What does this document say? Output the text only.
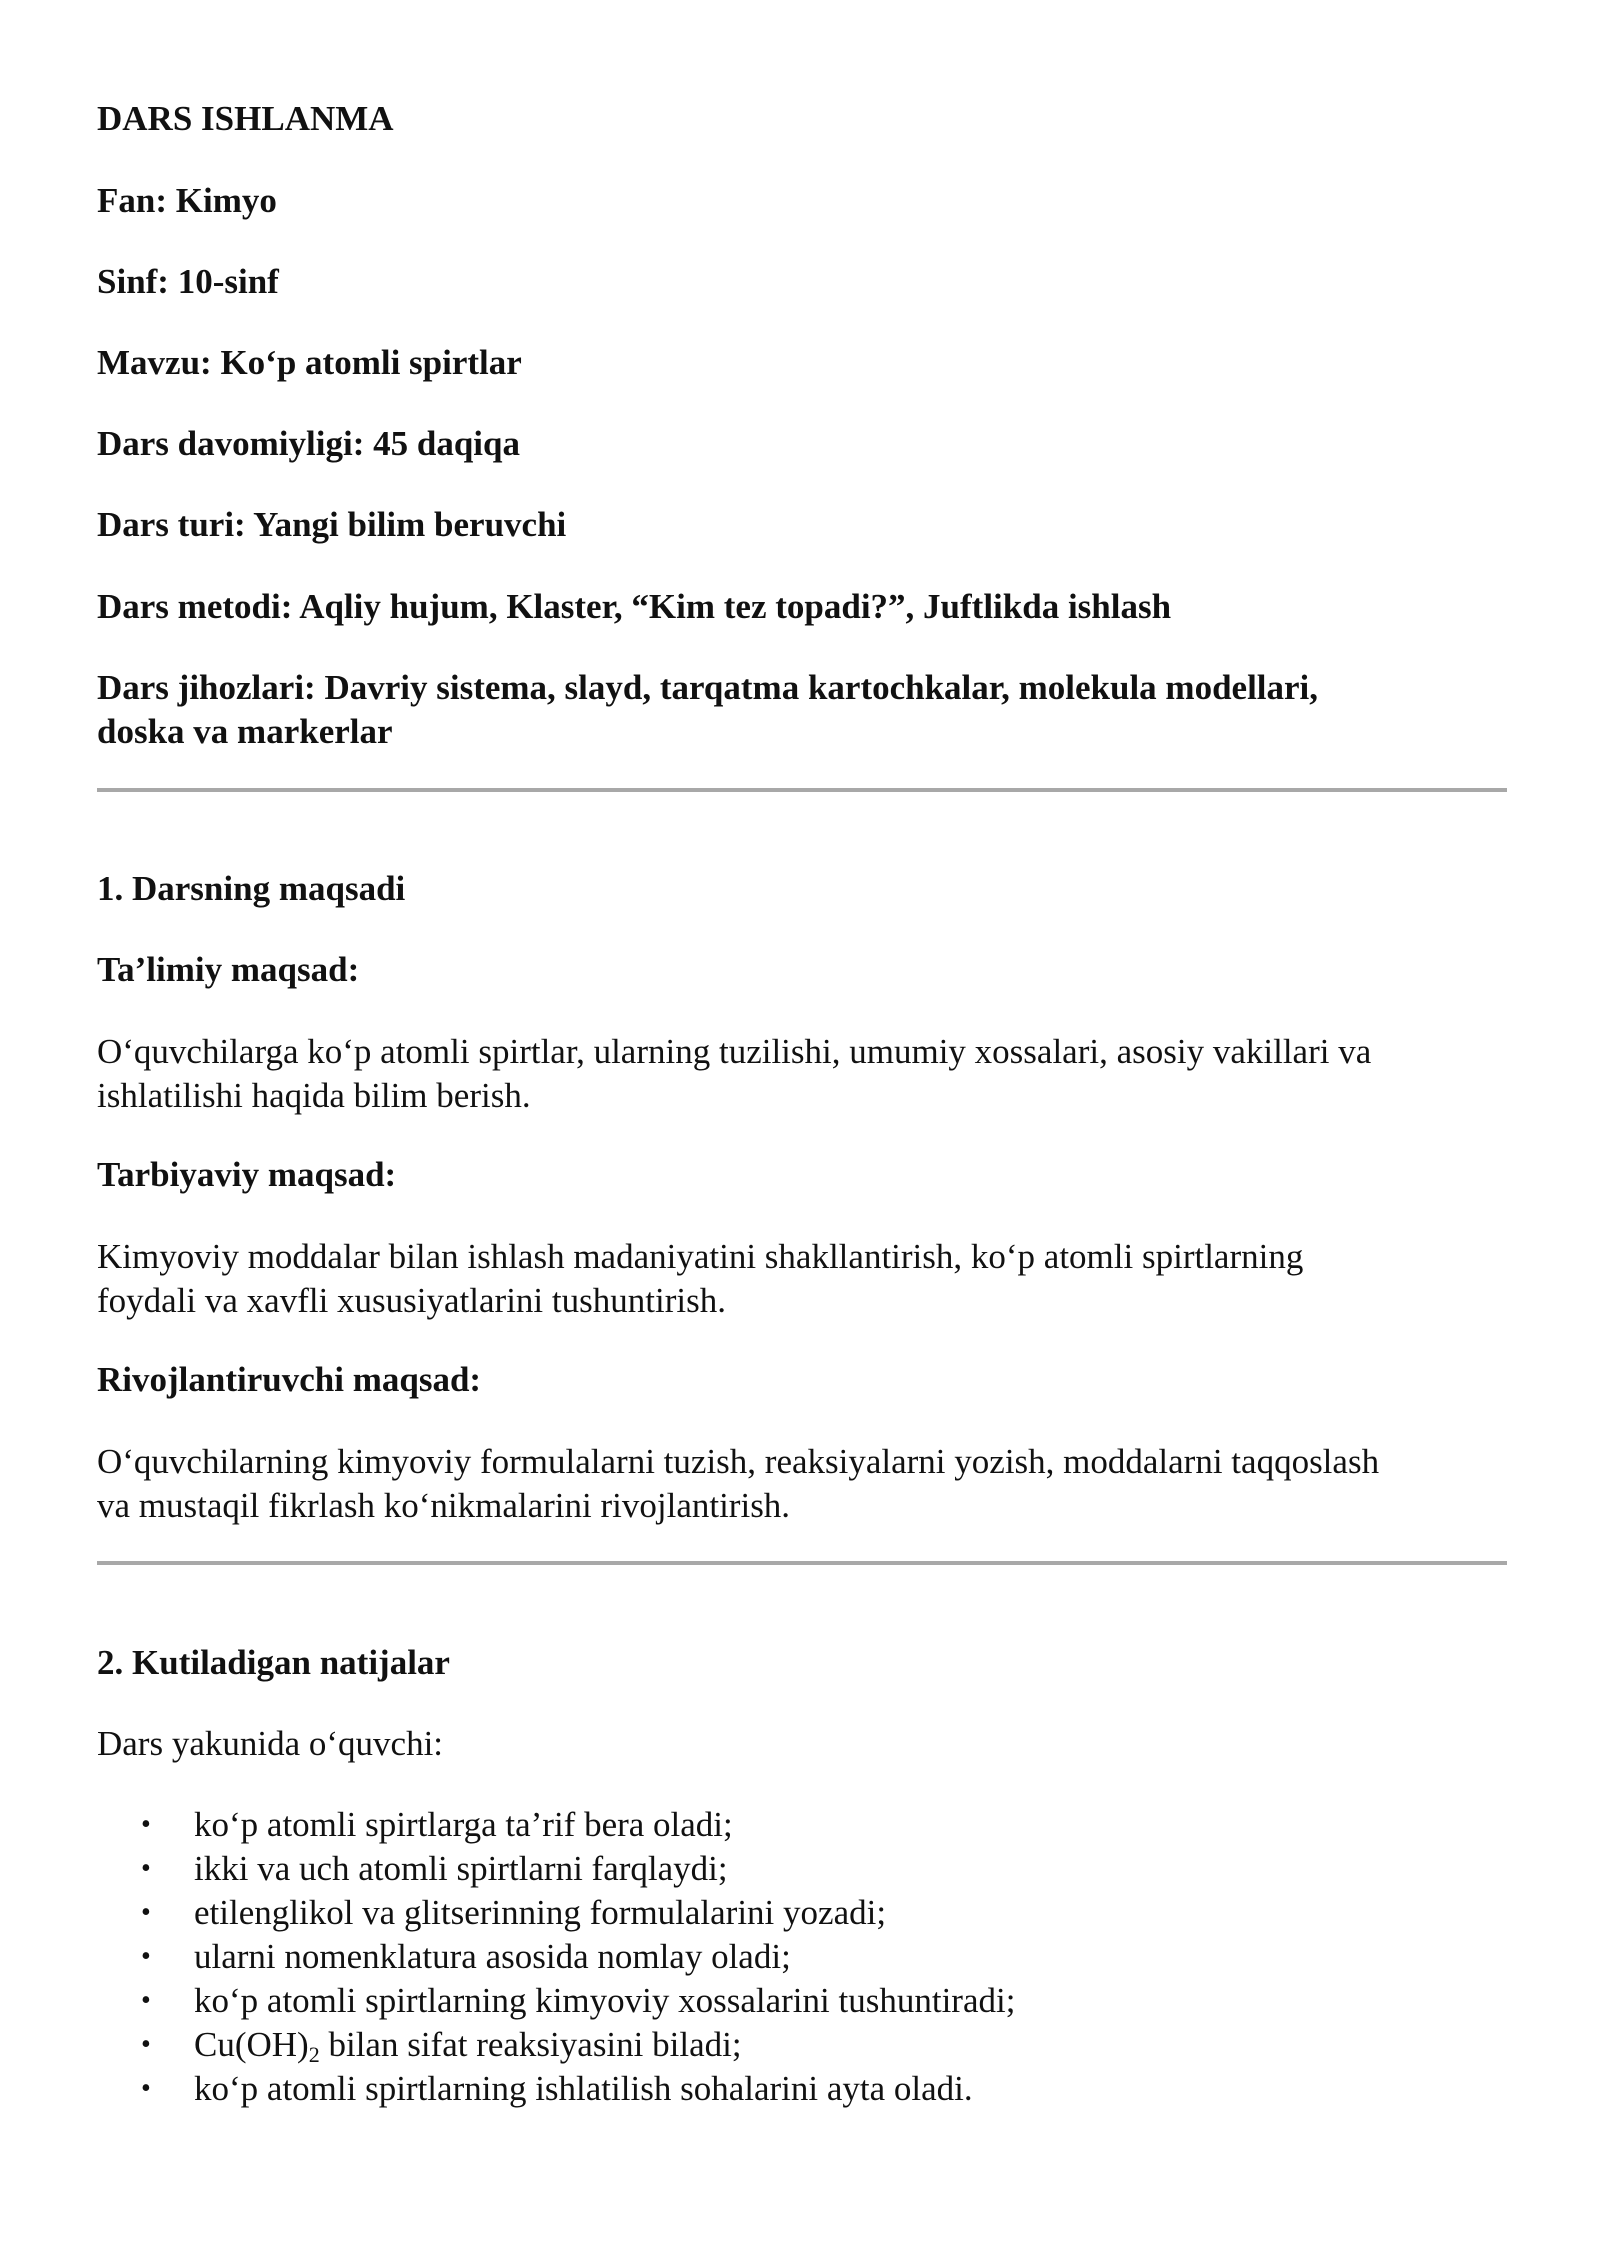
DARS ISHLANMA

Fan: Kimyo

Sinf: 10-sinf

Mavzu: Ko‘p atomli spirtlar

Dars davomiyligi: 45 daqiqa

Dars turi: Yangi bilim beruvchi

Dars metodi: Aqliy hujum, Klaster, “Kim tez topadi?”, Juftlikda ishlash

Dars jihozlari: Davriy sistema, slayd, tarqatma kartochkalar, molekula modellari,

doska va markerlar

1. Darsning maqsadi

Ta’limiy maqsad:

O‘quvchilarga ko‘p atomli spirtlar, ularning tuzilishi, umumiy xossalari, asosiy vakillari va

ishlatilishi haqida bilim berish.

Tarbiyaviy maqsad:

Kimyoviy moddalar bilan ishlash madaniyatini shakllantirish, ko‘p atomli spirtlarning

foydali va xavfli xususiyatlarini tushuntirish.

Rivojlantiruvchi maqsad:

O‘quvchilarning kimyoviy formulalarni tuzish, reaksiyalarni yozish, moddalarni taqqoslash

va mustaqil fikrlash ko‘nikmalarini rivojlantirish.

2. Kutiladigan natijalar

Dars yakunida o‘quvchi:

• ko‘p atomli spirtlarga ta’rif bera oladi;
• ikki va uch atomli spirtlarni farqlaydi;
• etilenglikol va glitserinning formulalarini yozadi;
• ularni nomenklatura asosida nomlay oladi;
• ko‘p atomli spirtlarning kimyoviy xossalarini tushuntiradi;
• $Cu(OH)_2$ bilan sifat reaksiyasini biladi;
• ko‘p atomli spirtlarning ishlatilish sohalarini ayta oladi.
